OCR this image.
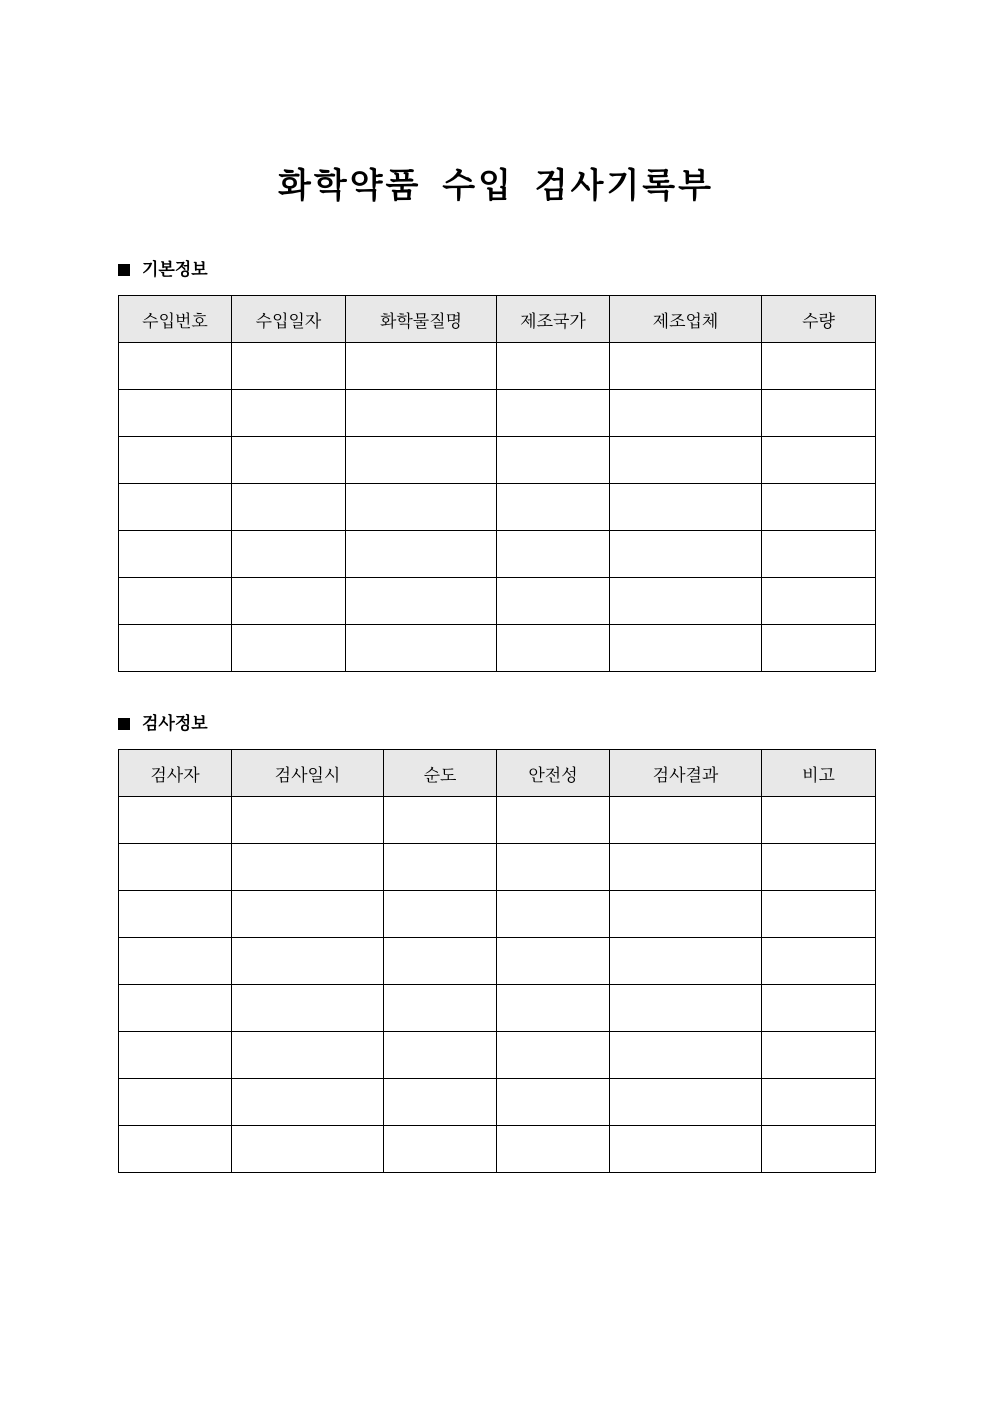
화학약품 수입 검사기록부
기본정보
수입번호	수입일자	화학물질명	제조국가	제조업체	수량

검사정보
검사자	검사일시	순도	안전성	검사결과	비고
